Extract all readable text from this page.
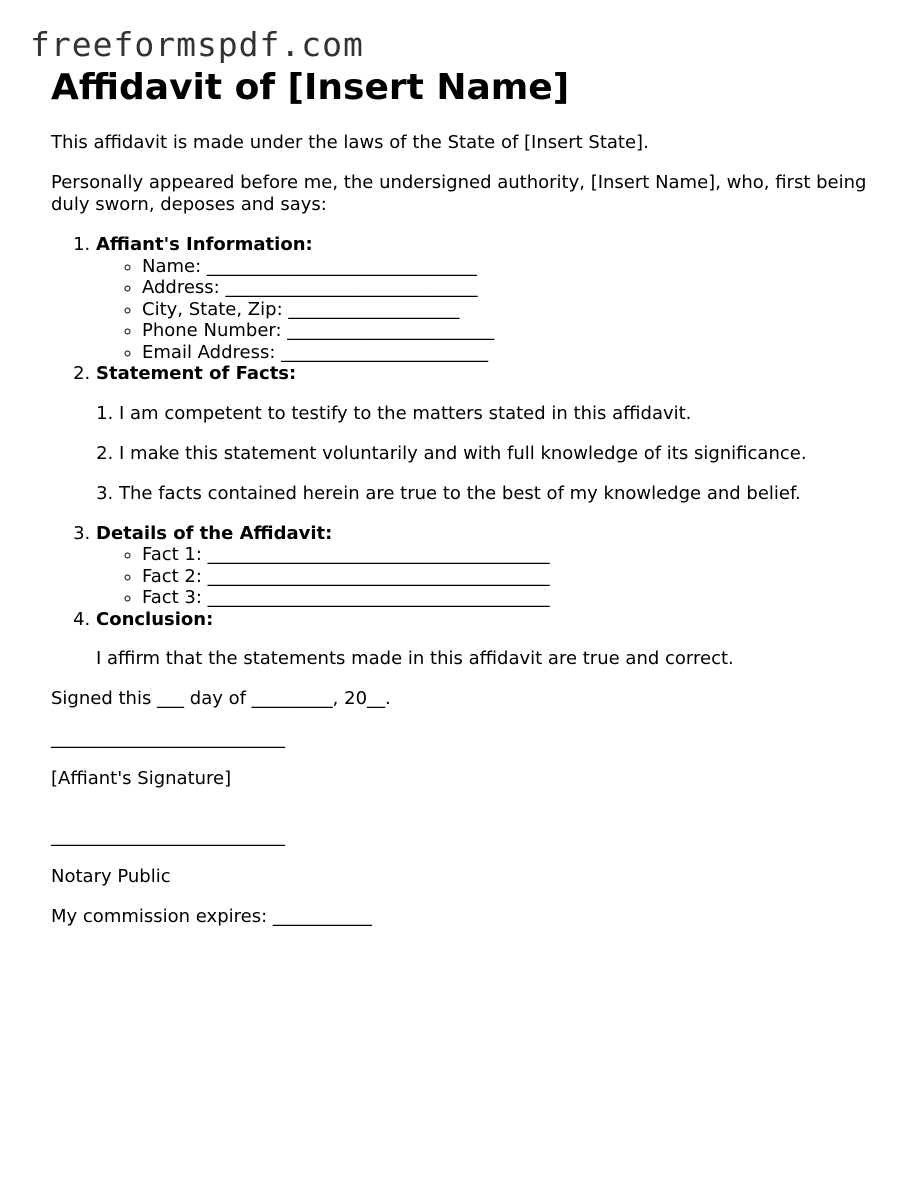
freeformspdf.com
Affidavit of [Insert Name]

This affidavit is made under the laws of the State of [Insert State].

Personally appeared before me, the undersigned authority, [Insert Name], who, first being duly sworn, deposes and says:

1. Affiant's Information:
◦ Name: ______________________________
◦ Address: ____________________________
◦ City, State, Zip: ___________________
◦ Phone Number: _______________________
◦ Email Address: _______________________
2. Statement of Facts:
1. I am competent to testify to the matters stated in this affidavit.
2. I make this statement voluntarily and with full knowledge of its significance.
3. The facts contained herein are true to the best of my knowledge and belief.
3. Details of the Affidavit:
◦ Fact 1: ______________________________________
◦ Fact 2: ______________________________________
◦ Fact 3: ______________________________________
4. Conclusion:

I affirm that the statements made in this affidavit are true and correct.

Signed this ___ day of _________, 20__.

__________________________

[Affiant's Signature]

__________________________

Notary Public

My commission expires: ___________
